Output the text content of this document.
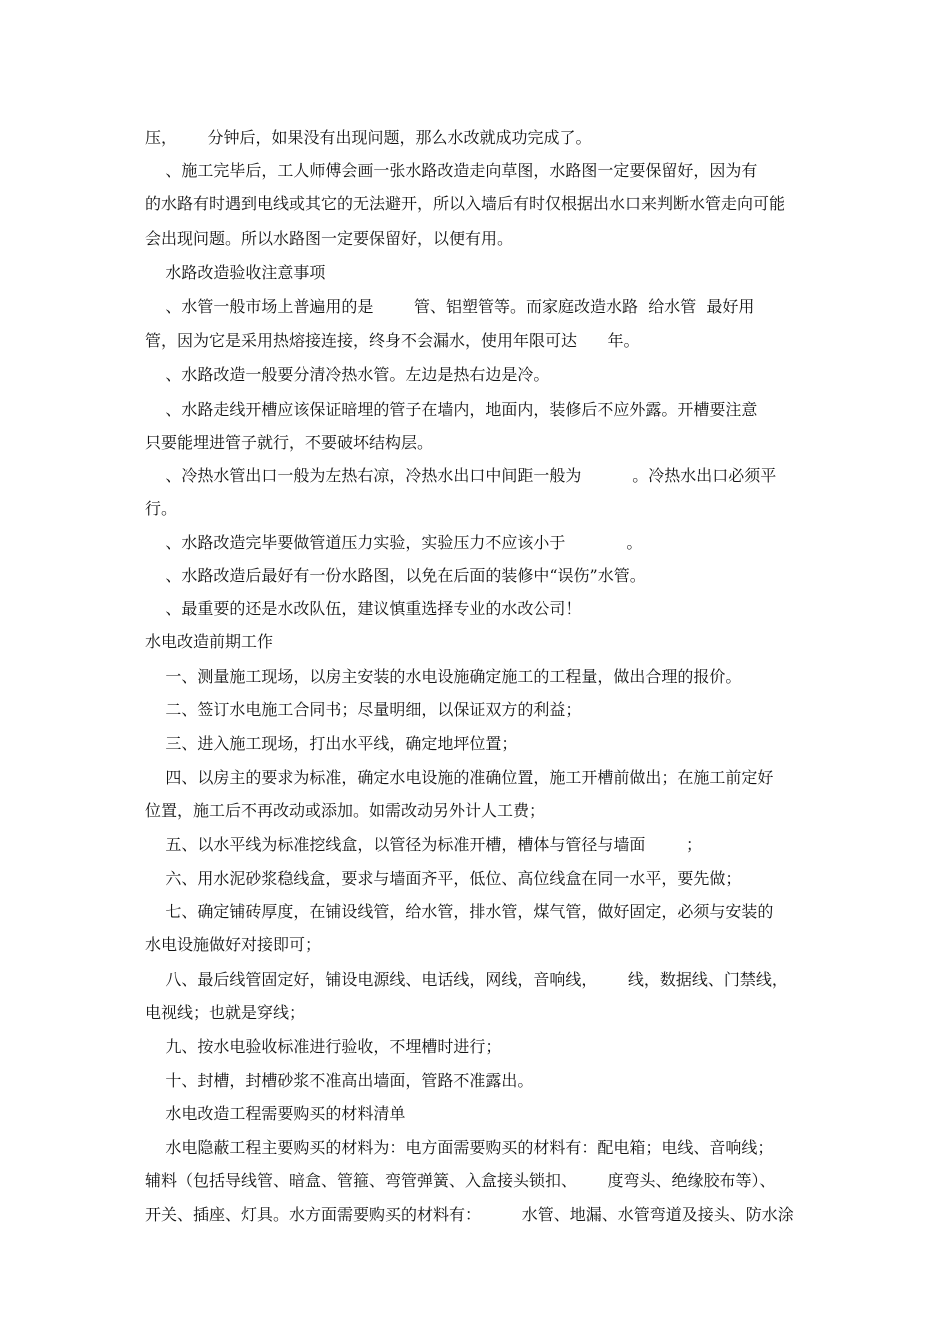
压，      分钟后，如果没有出现问题，那么水改就成功完成了。
、施工完毕后，工人师傅会画一张水路改造走向草图，水路图一定要保留好，因为有
的水路有时遇到电线或其它的无法避开，所以入墙后有时仅根据出水口来判断水管走向可能
会出现问题。所以水路图一定要保留好，以便有用。
水路改造验收注意事项
、水管一般市场上普遍用的是        管、铝塑管等。而家庭改造水路  给水管  最好用
管，因为它是采用热熔接连接，终身不会漏水，使用年限可达      年。
、水路改造一般要分清冷热水管。左边是热右边是冷。
、水路走线开槽应该保证暗埋的管子在墙内，地面内，装修后不应外露。开槽要注意
只要能埋进管子就行，不要破坏结构层。
、冷热水管出口一般为左热右凉，冷热水出口中间距一般为          。冷热水出口必须平
行。
、水路改造完毕要做管道压力实验，实验压力不应该小于            。
、水路改造后最好有一份水路图，以免在后面的装修中“误伤”水管。
、最重要的还是水改队伍，建议慎重选择专业的水改公司！
水电改造前期工作
一、测量施工现场，以房主安装的水电设施确定施工的工程量，做出合理的报价。
二、签订水电施工合同书；尽量明细，以保证双方的利益；
三、进入施工现场，打出水平线，确定地坪位置；
四、以房主的要求为标准，确定水电设施的准确位置，施工开槽前做出；在施工前定好
位置，施工后不再改动或添加。如需改动另外计人工费；
五、以水平线为标准挖线盒，以管径为标准开槽，槽体与管径与墙面        ；
六、用水泥砂浆稳线盒，要求与墙面齐平，低位、高位线盒在同一水平，要先做；
七、确定铺砖厚度，在铺设线管，给水管，排水管，煤气管，做好固定，必须与安装的
水电设施做好对接即可；
八、最后线管固定好，铺设电源线、电话线，网线，音响线，      线，数据线、门禁线，
电视线；也就是穿线；
九、按水电验收标准进行验收，不埋槽时进行；
十、封槽，封槽砂浆不准高出墙面，管路不准露出。
水电改造工程需要购买的材料清单
水电隐蔽工程主要购买的材料为：电方面需要购买的材料有：配电箱；电线、音响线；
辅料（包括导线管、暗盒、管箍、弯管弹簧、入盒接头锁扣、      度弯头、绝缘胶布等）、
开关、插座、灯具。水方面需要购买的材料有：        水管、地漏、水管弯道及接头、防水涂
